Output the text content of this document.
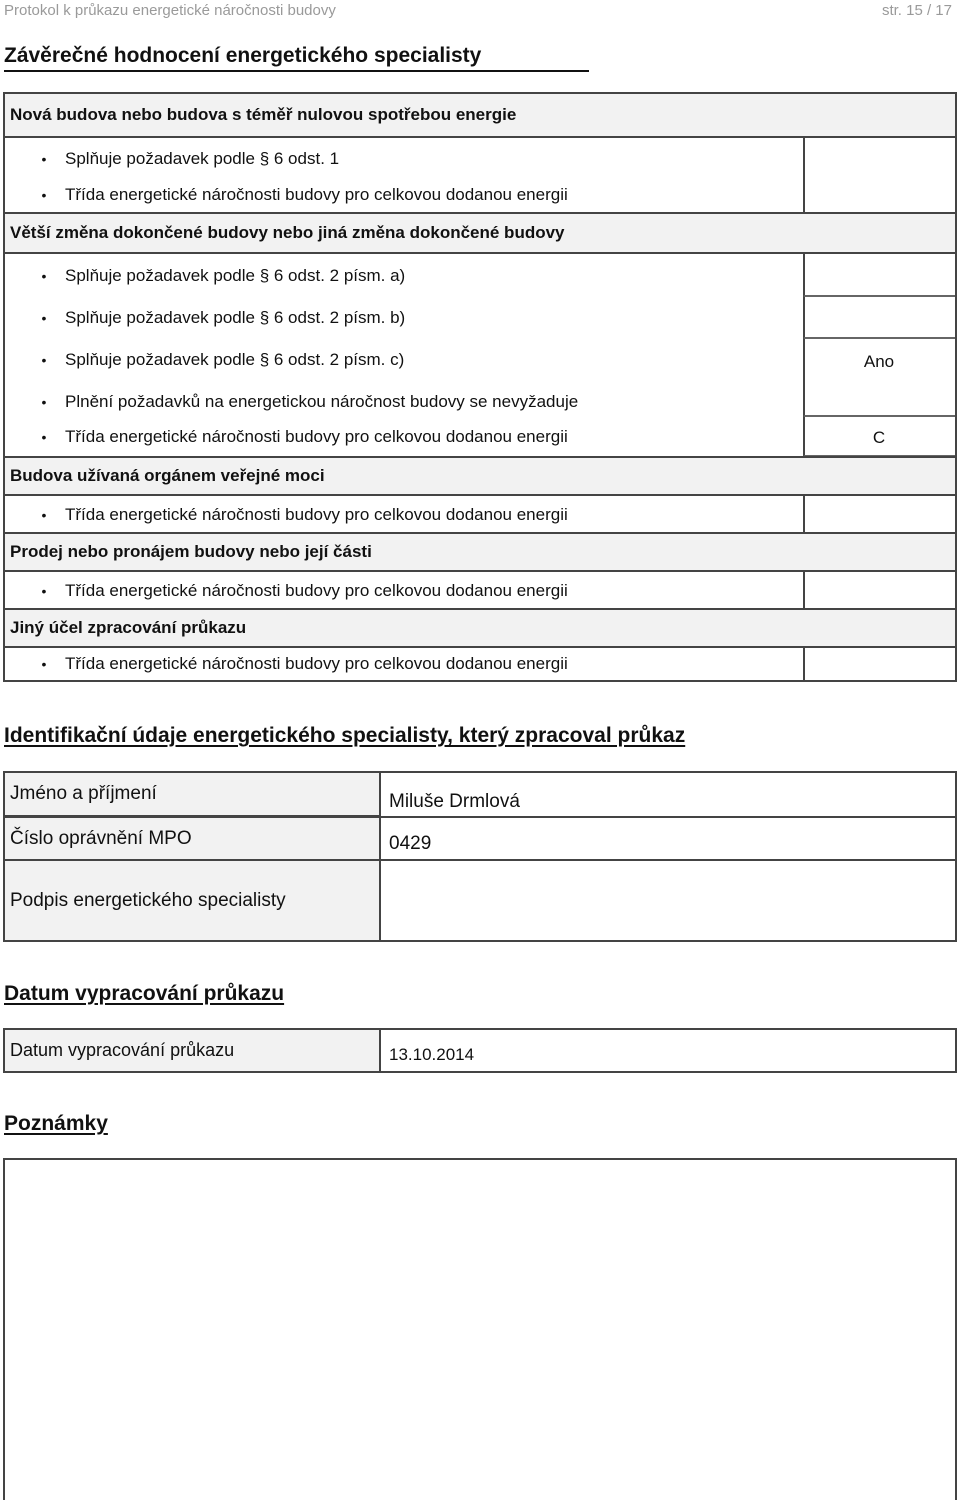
Protokol k průkazu energetické náročnosti budovy	str. 15 / 17
Závěrečné hodnocení energetického specialisty
Nová budova nebo budova s téměř nulovou spotřebou energie
•	Splňuje požadavek podle § 6 odst. 1
•	Třída energetické náročnosti budovy pro celkovou dodanou energii
Větší změna dokončené budovy nebo jiná změna dokončené budovy
•	Splňuje požadavek podle § 6 odst. 2 písm. a)
•	Splňuje požadavek podle § 6 odst. 2 písm. b)
•	Splňuje požadavek podle § 6 odst. 2 písm. c)	Ano
•	Plnění požadavků na energetickou náročnost budovy se nevyžaduje
•	Třída energetické náročnosti budovy pro celkovou dodanou energii	C
Budova užívaná orgánem veřejné moci
•	Třída energetické náročnosti budovy pro celkovou dodanou energii
Prodej nebo pronájem budovy nebo její části
•	Třída energetické náročnosti budovy pro celkovou dodanou energii
Jiný účel zpracování průkazu
•	Třída energetické náročnosti budovy pro celkovou dodanou energii
Identifikační údaje energetického specialisty, který zpracoval průkaz
Jméno a příjmení	Miluše Drmlová
Číslo oprávnění MPO	0429
Podpis energetického specialisty
Datum vypracování průkazu
Datum vypracování průkazu	13.10.2014
Poznámky
